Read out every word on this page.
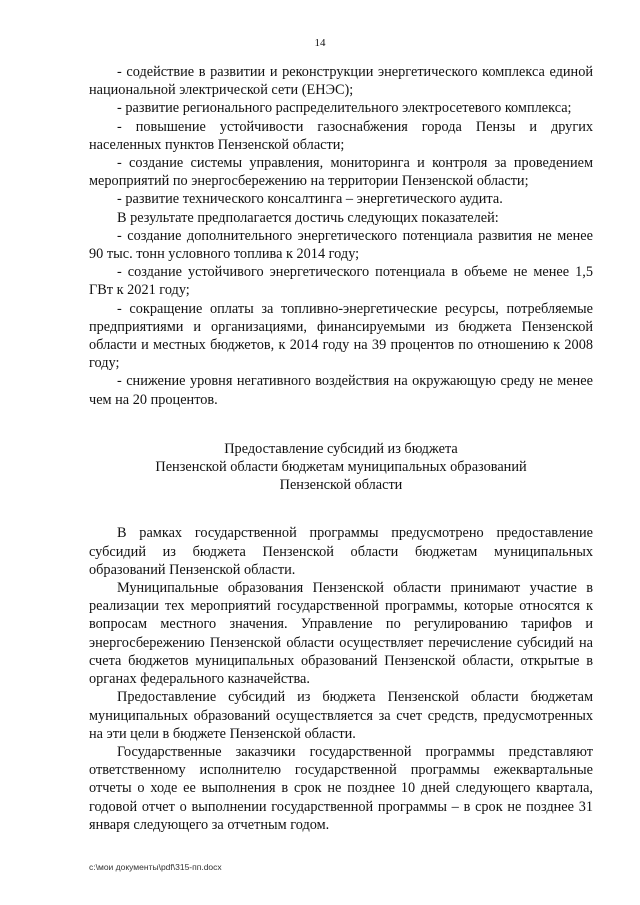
14

- содействие в развитии и реконструкции энергетического комплекса единой национальной электрической сети (ЕНЭС);

- развитие регионального распределительного электросетевого комплекса;

- повышение устойчивости газоснабжения города Пензы и других населенных пунктов Пензенской области;

- создание системы управления, мониторинга и контроля за проведением мероприятий по энергосбережению на территории Пензенской области;

- развитие технического консалтинга – энергетического аудита.

В результате предполагается достичь следующих показателей:

- создание дополнительного энергетического потенциала развития не менее 90 тыс. тонн условного топлива к 2014 году;

- создание устойчивого энергетического потенциала в объеме не менее 1,5 ГВт к 2021 году;

- сокращение оплаты за топливно-энергетические ресурсы, потребляемые предприятиями и организациями, финансируемыми из бюджета Пензенской области и местных бюджетов, к 2014 году на 39 процентов по отношению к 2008 году;

- снижение уровня негативного воздействия на окружающую среду не менее чем на 20 процентов.

Предоставление субсидий из бюджета
Пензенской области бюджетам муниципальных образований
Пензенской области

В рамках государственной программы предусмотрено предоставление субсидий из бюджета Пензенской области бюджетам муниципальных образований Пензенской области.

Муниципальные образования Пензенской области принимают участие в реализации тех мероприятий государственной программы, которые относятся к вопросам местного значения. Управление по регулированию тарифов и энергосбережению Пензенской области осуществляет перечисление субсидий на счета бюджетов муниципальных образований Пензенской области, открытые в органах федерального казначейства.

Предоставление субсидий из бюджета Пензенской области бюджетам муниципальных образований осуществляется за счет средств, предусмотренных на эти цели в бюджете Пензенской области.

Государственные заказчики государственной программы представляют ответственному исполнителю государственной программы ежеквартальные отчеты о ходе ее выполнения в срок не позднее 10 дней следующего квартала, годовой отчет о выполнении государственной программы – в срок не позднее 31 января следующего за отчетным годом.

c:\мои документы\pdf\315-пп.docx
